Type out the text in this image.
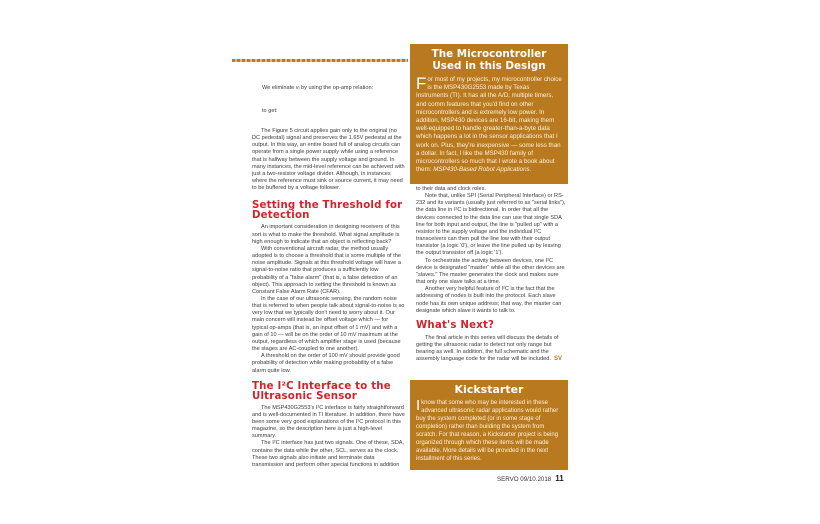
We eliminate vᵢ by using the op-amp relation:
to get:

The Figure 5 circuit applies gain only to the original (no DC pedestal) signal and preserves the 1.65V pedestal at the output. In this way, an entire board full of analog circuits can operate from a single power supply while using a reference that is halfway between the supply voltage and ground. In many instances, the mid-level reference can be achieved with just a two-resistor voltage divider. Although, in instances where the reference must sink or source current, it may need to be buffered by a voltage follower.

Setting the Threshold for Detection

An important consideration in designing receivers of this sort is what to make the threshold. What signal amplitude is high enough to indicate that an object is reflecting back?

With conventional aircraft radar, the method usually adopted is to choose a threshold that is some multiple of the noise amplitude. Signals at this threshold voltage will have a signal-to-noise ratio that produces a sufficiently low probability of a "false alarm" (that is, a false detection of an object). This approach to setting the threshold is known as Constant False Alarm Rate (CFAR).

In the case of our ultrasonic sensing, the random noise that is referred to when people talk about signal-to-noise is so very low that we typically don't need to worry about it. Our main concern will instead be offset voltage which — for typical op-amps (that is, an input offset of 1 mV) and with a gain of 10 — will be on the order of 10 mV maximum at the output, regardless of which amplifier stage is used (because the stages are AC-coupled to one another).

A threshold on the order of 100 mV should provide good probability of detection while making probability of a false alarm quite low.

The I²C Interface to the Ultrasonic Sensor

The MSP430G2553's I²C interface is fairly straightforward and is well-documented in TI literature. In addition, there have been some very good explanations of the I²C protocol in this magazine, so the description here is just a high-level summary.

The I²C interface has just two signals. One of these, SDA, contains the data while the other, SCL, serves as the clock. These two signals also initiate and terminate data transmission and perform other special functions in addition

The Microcontroller Used in this Design
For most of my projects, my microcontroller choice is the MSP430G2553 made by Texas Instruments (TI). It has all the A/D, multiple timers, and comm features that you'd find on other microcontrollers and is extremely low power. In addition, MSP430 devices are 16-bit, making them well-equipped to handle greater-than-a-byte data which happens a lot in the sensor applications that I work on. Plus, they're inexpensive — some less than a dollar. In fact, I like the MSP430 family of microcontrollers so much that I wrote a book about them: MSP430-Based Robot Applications.

to their data and clock roles.

Note that, unlike SPI (Serial Peripheral Interface) or RS-232 and its variants (usually just referred to as "serial links"), the data line in I²C is bidirectional. In order that all the devices connected to the data line can use that single SDA line for both input and output, the line is "pulled up" with a resistor to the supply voltage and the individual I²C transceivers can then pull the line low with their output transistor (a logic '0'), or leave the line pulled up by leaving the output transistor off (a logic '1').

To orchestrate the activity between devices, one I²C device is designated "master" while all the other devices are "slaves." The master generates the clock and makes sure that only one slave talks at a time.

Another very helpful feature of I²C is the fact that the addressing of nodes is built into the protocol. Each slave node has its own unique address; that way, the master can designate which slave it wants to talk to.

What's Next?

The final article in this series will discuss the details of getting the ultrasonic radar to detect not only range but bearing as well. In addition, the full schematic and the assembly language code for the radar will be included. SV

Kickstarter
I know that some who may be interested in these advanced ultrasonic radar applications would rather buy the system completed (or in some stage of completion) rather than building the system from scratch. For that reason, a Kickstarter project is being organized through which these items will be made available. More details will be provided in the next installment of this series.
SERVO 09/10.2018 11
